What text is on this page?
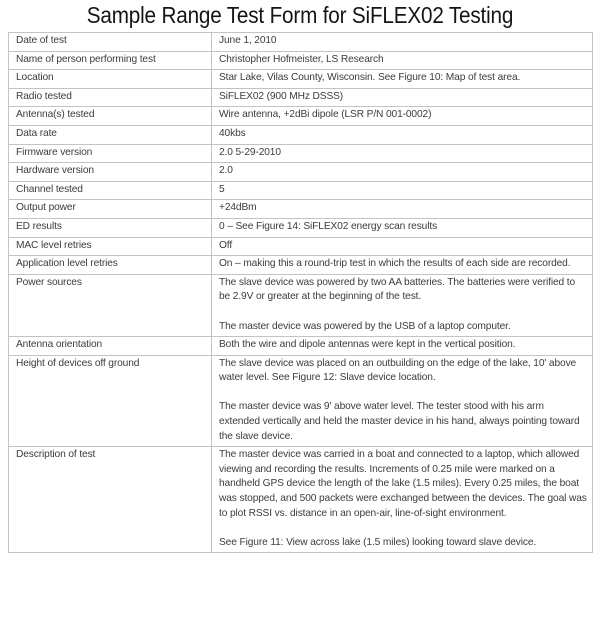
Sample Range Test Form for SiFLEX02 Testing
Date of test	June 1, 2010

Name of person performing test	Christopher Hofmeister, LS Research

Location	Star Lake, Vilas County, Wisconsin. See Figure 10: Map of test area.

Radio tested	SiFLEX02 (900 MHz DSSS)

Antenna(s) tested	Wire antenna, +2dBi dipole (LSR P/N 001-0002)

Data rate	40kbs

Firmware version	2.0 5-29-2010

Hardware version	2.0

Channel tested	5

Output power	+24dBm

ED results	0 – See Figure 14: SiFLEX02 energy scan results

MAC level retries	Off

Application level retries	On – making this a round-trip test in which the results of each side are recorded.

Power sources	The slave device was powered by two AA batteries. The batteries were verified to be 2.9V or greater at the beginning of the test.
The master device was powered by the USB of a laptop computer.

Antenna orientation	Both the wire and dipole antennas were kept in the vertical position.

Height of devices off ground	The slave device was placed on an outbuilding on the edge of the lake, 10' above water level. See Figure 12: Slave device location.
The master device was 9' above water level. The tester stood with his arm extended vertically and held the master device in his hand, always pointing toward the slave device.

Description of test	The master device was carried in a boat and connected to a laptop, which allowed viewing and recording the results. Increments of 0.25 mile were marked on a handheld GPS device the length of the lake (1.5 miles). Every 0.25 miles, the boat was stopped, and 500 packets were exchanged between the devices. The goal was to plot RSSI vs. distance in an open-air, line-of-sight environment.
See Figure 11: View across lake (1.5 miles) looking toward slave device.
